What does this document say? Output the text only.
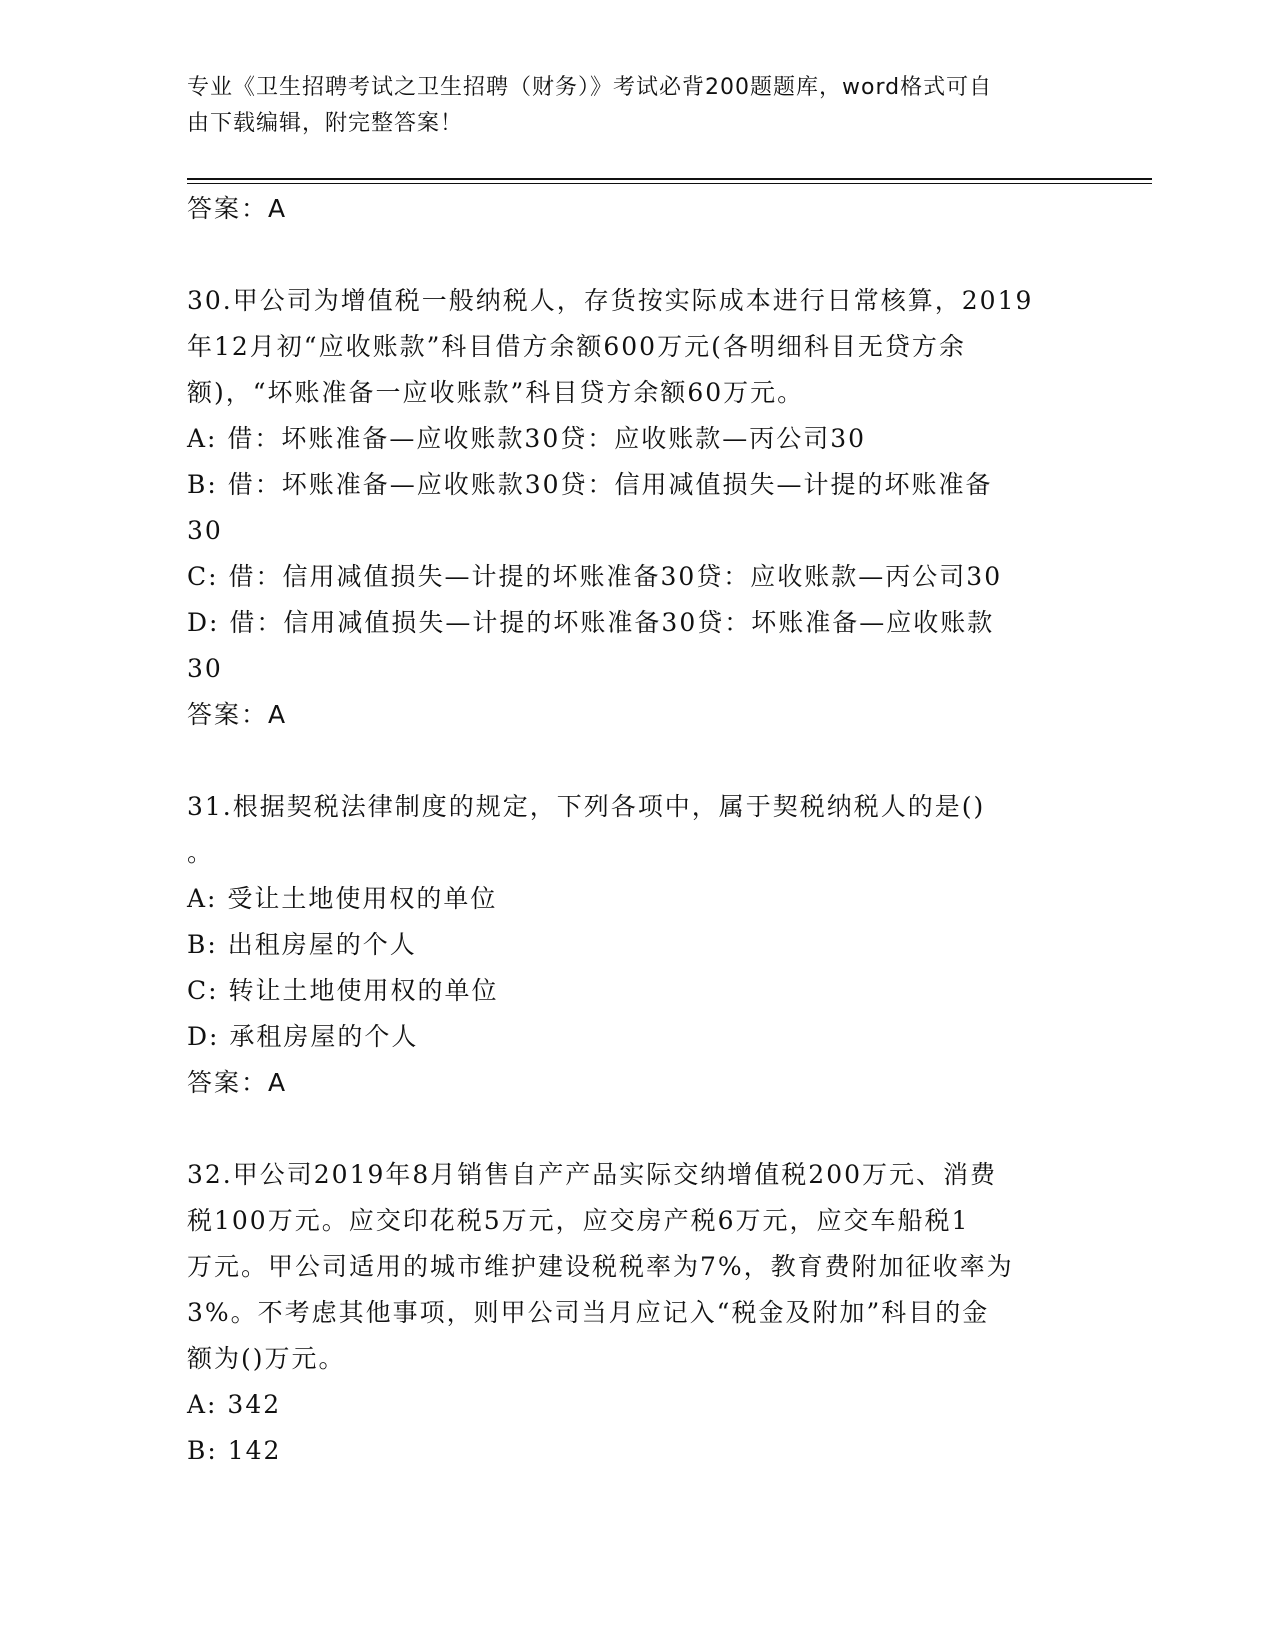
专业《卫生招聘考试之卫生招聘（财务）》考试必背200题题库，word格式可自
由下载编辑，附完整答案！
答案：A
30.甲公司为增值税一般纳税人，存货按实际成本进行日常核算，2019
年12月初“应收账款”科目借方余额600万元(各明细科目无贷方余
额)，“坏账准备一应收账款”科目贷方余额60万元。
A: 借：坏账准备—应收账款30贷：应收账款—丙公司30
B: 借：坏账准备—应收账款30贷：信用减值损失—计提的坏账准备
30
C: 借：信用减值损失—计提的坏账准备30贷：应收账款—丙公司30
D: 借：信用减值损失—计提的坏账准备30贷：坏账准备—应收账款
30
答案：A
31.根据契税法律制度的规定，下列各项中，属于契税纳税人的是()
。
A: 受让土地使用权的单位
B: 出租房屋的个人
C: 转让土地使用权的单位
D: 承租房屋的个人
答案：A
32.甲公司2019年8月销售自产产品实际交纳增值税200万元、消费
税100万元。应交印花税5万元，应交房产税6万元，应交车船税1
万元。甲公司适用的城市维护建设税税率为7%，教育费附加征收率为
3%。不考虑其他事项，则甲公司当月应记入“税金及附加”科目的金
额为()万元。
A: 342
B: 142
